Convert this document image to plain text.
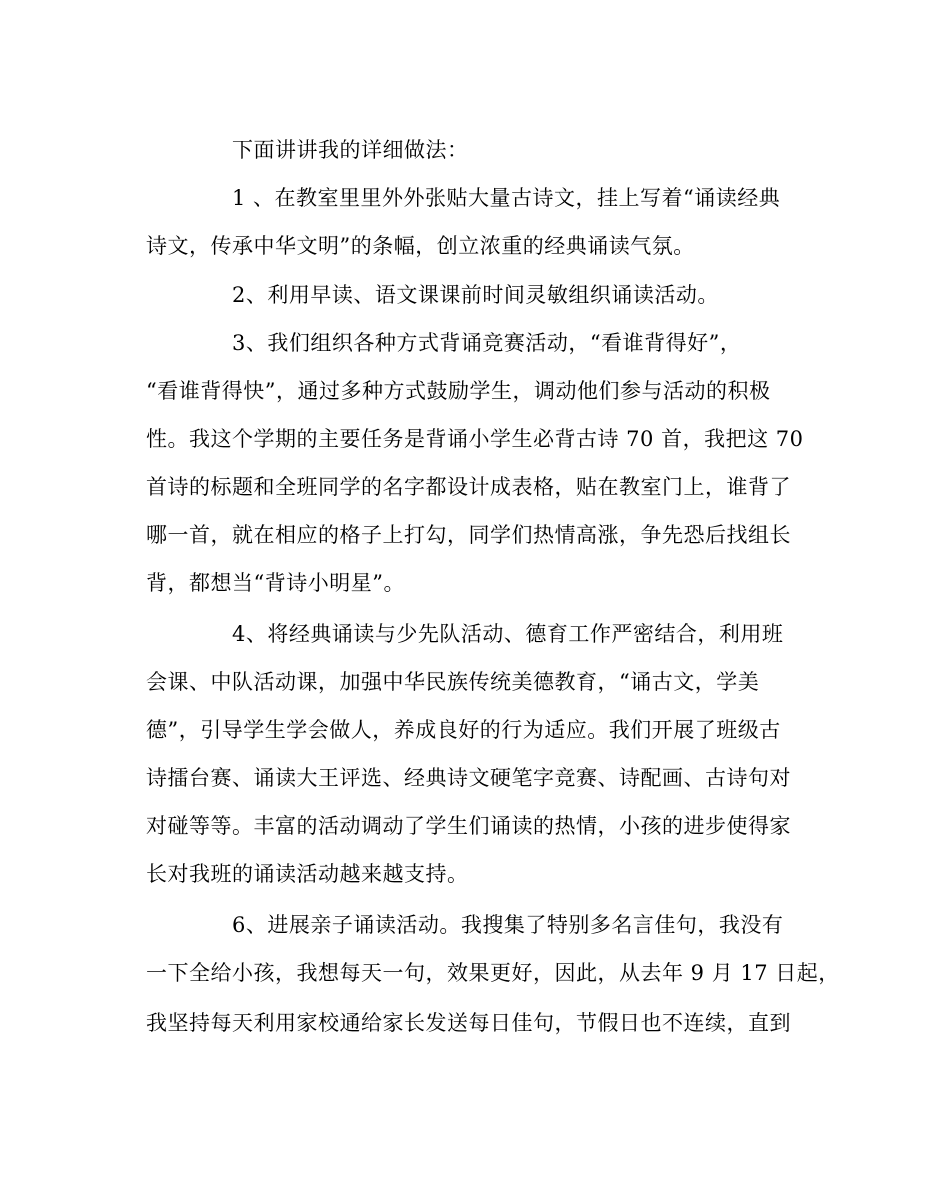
下面讲讲我的详细做法：
1 、在教室里里外外张贴大量古诗文，挂上写着“诵读经典
诗文，传承中华文明”的条幅，创立浓重的经典诵读气氛。
2、利用早读、语文课课前时间灵敏组织诵读活动。
3、我们组织各种方式背诵竞赛活动，“看谁背得好”，
“看谁背得快”，通过多种方式鼓励学生，调动他们参与活动的积极
性。我这个学期的主要任务是背诵小学生必背古诗 70 首，我把这 70
首诗的标题和全班同学的名字都设计成表格，贴在教室门上，谁背了
哪一首，就在相应的格子上打勾，同学们热情高涨，争先恐后找组长
背，都想当“背诗小明星”。
4、将经典诵读与少先队活动、德育工作严密结合，利用班
会课、中队活动课，加强中华民族传统美德教育，“诵古文，学美
德”，引导学生学会做人，养成良好的行为适应。我们开展了班级古
诗擂台赛、诵读大王评选、经典诗文硬笔字竞赛、诗配画、古诗句对
对碰等等。丰富的活动调动了学生们诵读的热情，小孩的进步使得家
长对我班的诵读活动越来越支持。
6、进展亲子诵读活动。我搜集了特别多名言佳句，我没有
一下全给小孩，我想每天一句，效果更好，因此，从去年 9 月 17 日起，
我坚持每天利用家校通给家长发送每日佳句，节假日也不连续，直到
